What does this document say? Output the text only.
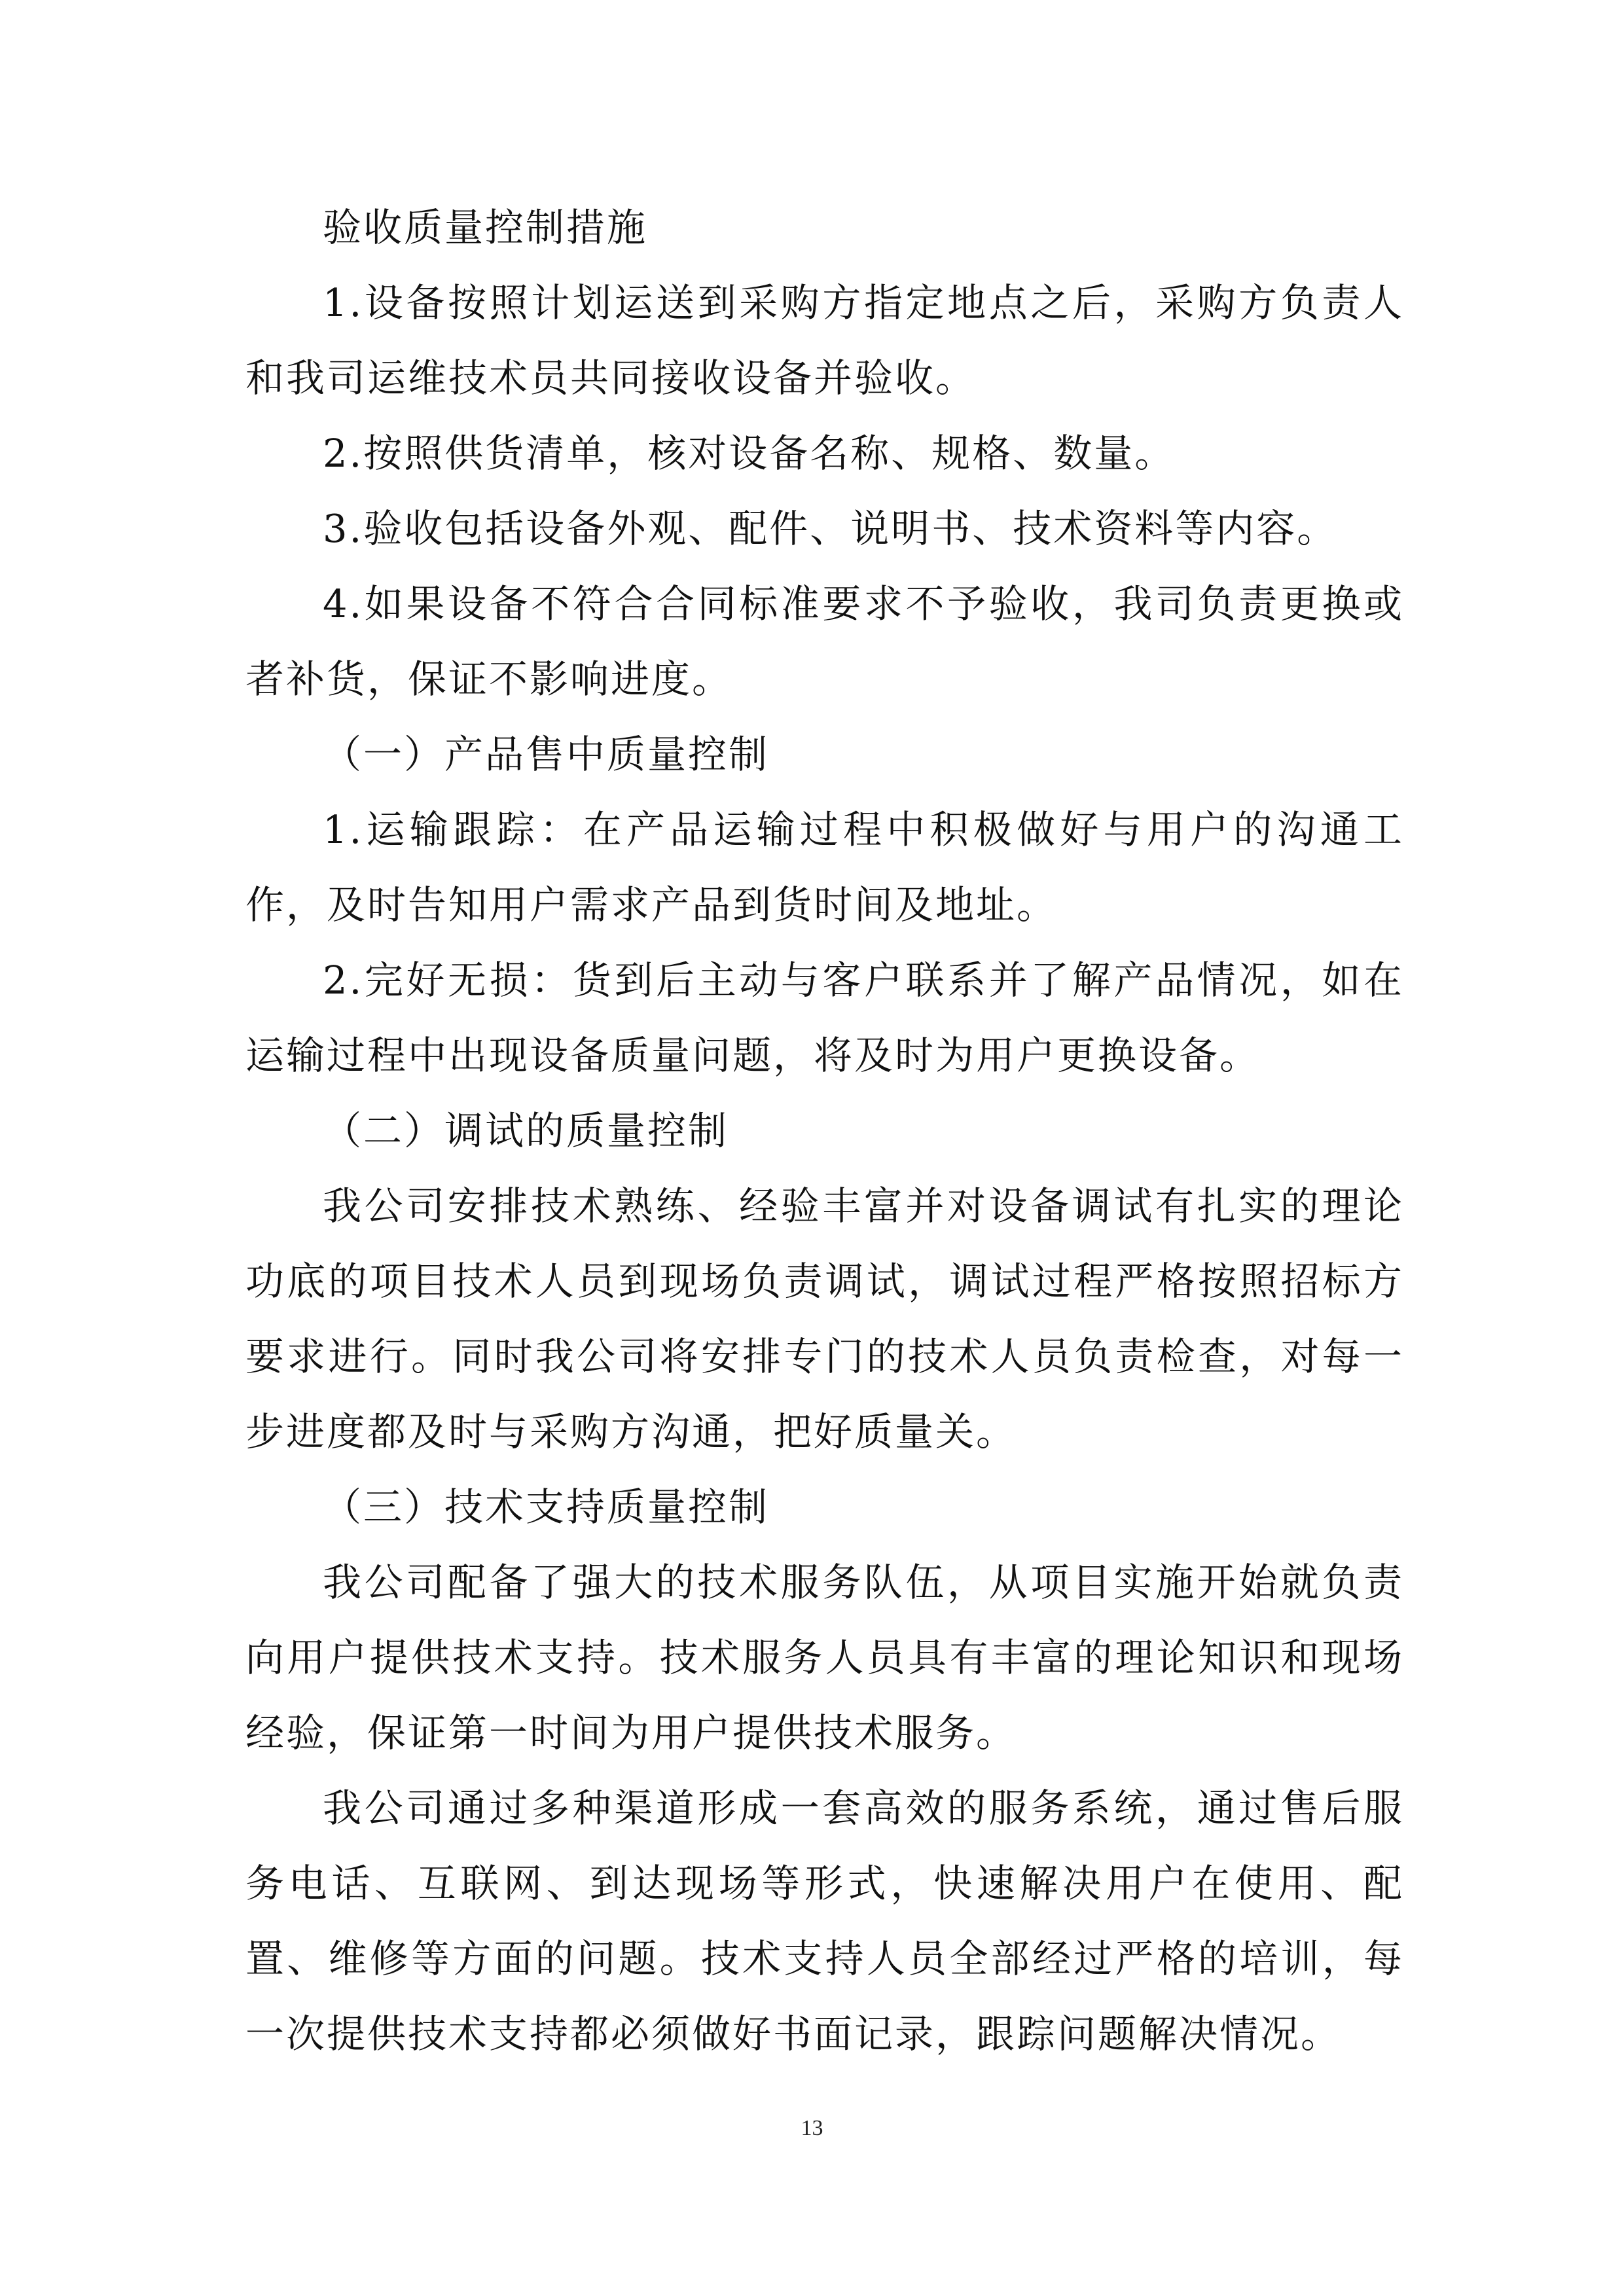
验收质量控制措施

1.设备按照计划运送到采购方指定地点之后，采购方负责人和我司运维技术员共同接收设备并验收。

2.按照供货清单，核对设备名称、规格、数量。

3.验收包括设备外观、配件、说明书、技术资料等内容。

4.如果设备不符合合同标准要求不予验收，我司负责更换或者补货，保证不影响进度。

（一）产品售中质量控制

1.运输跟踪：在产品运输过程中积极做好与用户的沟通工作，及时告知用户需求产品到货时间及地址。

2.完好无损：货到后主动与客户联系并了解产品情况，如在运输过程中出现设备质量问题，将及时为用户更换设备。

（二）调试的质量控制

我公司安排技术熟练、经验丰富并对设备调试有扎实的理论功底的项目技术人员到现场负责调试，调试过程严格按照招标方要求进行。同时我公司将安排专门的技术人员负责检查，对每一步进度都及时与采购方沟通，把好质量关。

（三）技术支持质量控制

我公司配备了强大的技术服务队伍，从项目实施开始就负责向用户提供技术支持。技术服务人员具有丰富的理论知识和现场经验，保证第一时间为用户提供技术服务。

我公司通过多种渠道形成一套高效的服务系统，通过售后服务电话、互联网、到达现场等形式，快速解决用户在使用、配置、维修等方面的问题。技术支持人员全部经过严格的培训，每一次提供技术支持都必须做好书面记录，跟踪问题解决情况。

13
